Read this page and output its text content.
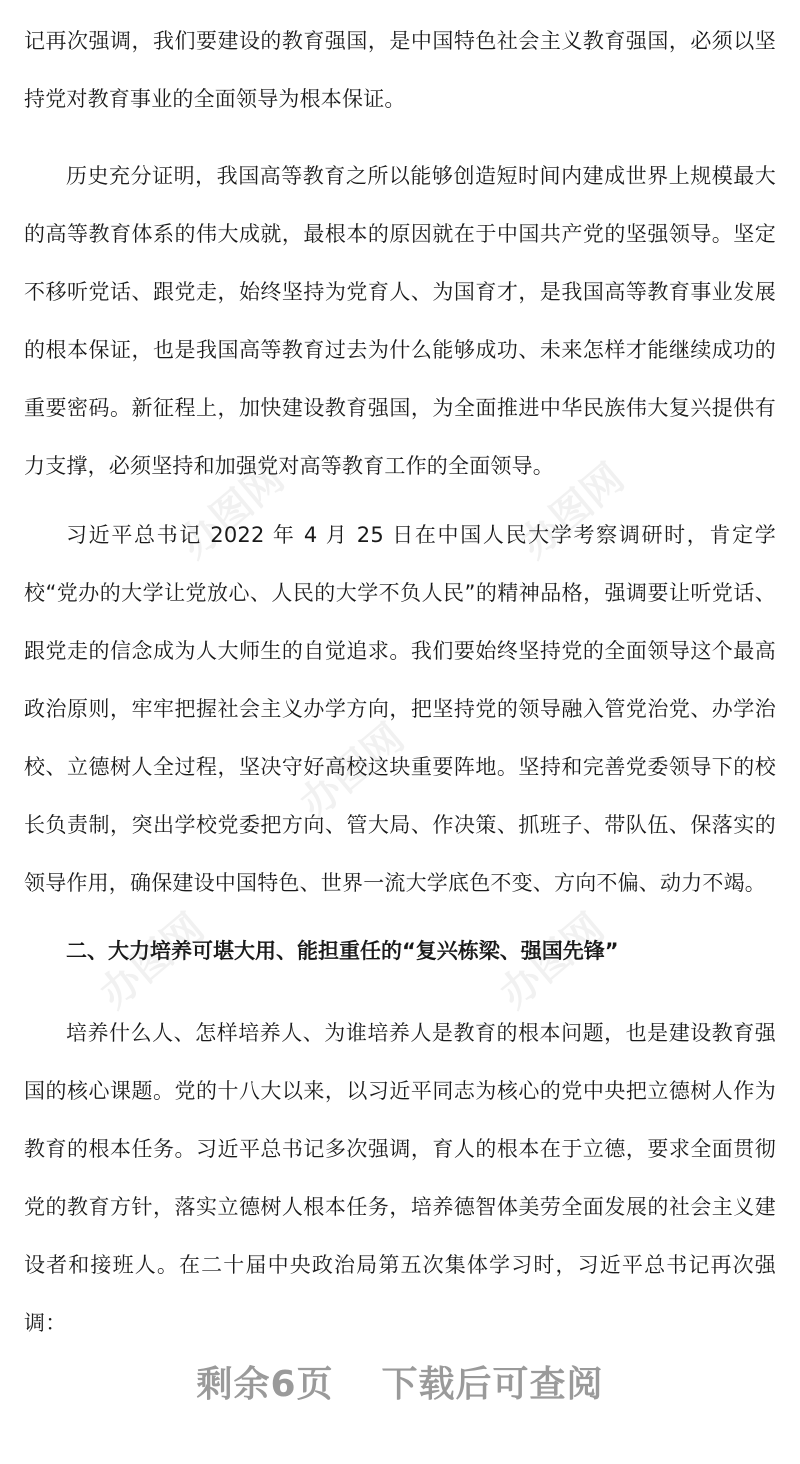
办图网	办图网
办图网
办图网	办图网

记再次强调，我们要建设的教育强国，是中国特色社会主义教育强国，必须以坚持党对教育事业的全面领导为根本保证。

历史充分证明，我国高等教育之所以能够创造短时间内建成世界上规模最大的高等教育体系的伟大成就，最根本的原因就在于中国共产党的坚强领导。坚定不移听党话、跟党走，始终坚持为党育人、为国育才，是我国高等教育事业发展的根本保证，也是我国高等教育过去为什么能够成功、未来怎样才能继续成功的重要密码。新征程上，加快建设教育强国，为全面推进中华民族伟大复兴提供有力支撑，必须坚持和加强党对高等教育工作的全面领导。

习近平总书记 2022 年 4 月 25 日在中国人民大学考察调研时，肯定学校“党办的大学让党放心、人民的大学不负人民”的精神品格，强调要让听党话、跟党走的信念成为人大师生的自觉追求。我们要始终坚持党的全面领导这个最高政治原则，牢牢把握社会主义办学方向，把坚持党的领导融入管党治党、办学治校、立德树人全过程，坚决守好高校这块重要阵地。坚持和完善党委领导下的校长负责制，突出学校党委把方向、管大局、作决策、抓班子、带队伍、保落实的领导作用，确保建设中国特色、世界一流大学底色不变、方向不偏、动力不竭。

二、大力培养可堪大用、能担重任的“复兴栋梁、强国先锋”

培养什么人、怎样培养人、为谁培养人是教育的根本问题，也是建设教育强国的核心课题。党的十八大以来，以习近平同志为核心的党中央把立德树人作为教育的根本任务。习近平总书记多次强调，育人的根本在于立德，要求全面贯彻党的教育方针，落实立德树人根本任务，培养德智体美劳全面发展的社会主义建设者和接班人。在二十届中央政治局第五次集体学习时，习近平总书记再次强调：

剩余6页 下载后可查阅
